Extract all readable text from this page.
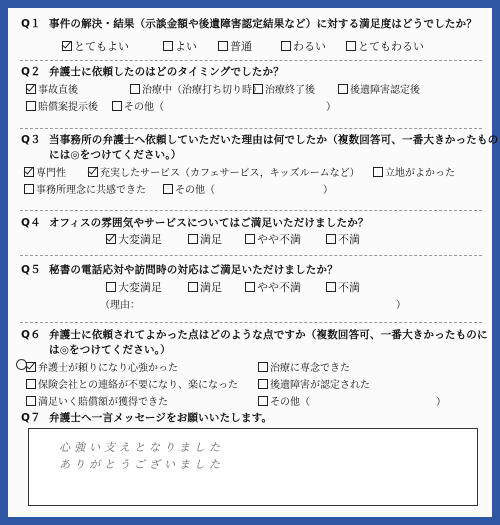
Q１ 事件の解決・結果（示談金額や後遺障害認定結果など）に対する満足度はどうでしたか？
とてもよい	よい	普通	わるい	とてもわるい
Q２ 弁護士に依頼したのはどのタイミングでしたか？
事故直後	治療中（治療打ち切り時） 治療終了後	後遺障害認定後
賠償案提示後	その他（	）
Q３ 当事務所の弁護士へ依頼していただいた理由は何でしたか（複数回答可、一番大きかったもの
には◎をつけてください。）
専門性	充実したサービス（カフェサービス，キッズルームなど）	立地がよかった
事務所理念に共感できた	その他（	）
Q４ オフィスの雰囲気やサービスについてはご満足いただけましたか？
大変満足	満足	やや不満	不満
Q５ 秘書の電話応対や訪問時の対応はご満足いただけましたか？
大変満足	満足	やや不満	不満
（理由：	）
Q６ 弁護士に依頼されてよかった点はどのような点ですか（複数回答可、一番大きかったものに
は◎をつけてください。）
弁護士が頼りになり心強かった	治療に専念できた
保険会社との連絡が不要になり、楽になった	後遺障害が認定された
満足いく賠償額が獲得できた	その他（	）
Q７ 弁護士へ一言メッセージをお願いいたします。
心強い支えとなりました
ありがとうございました
